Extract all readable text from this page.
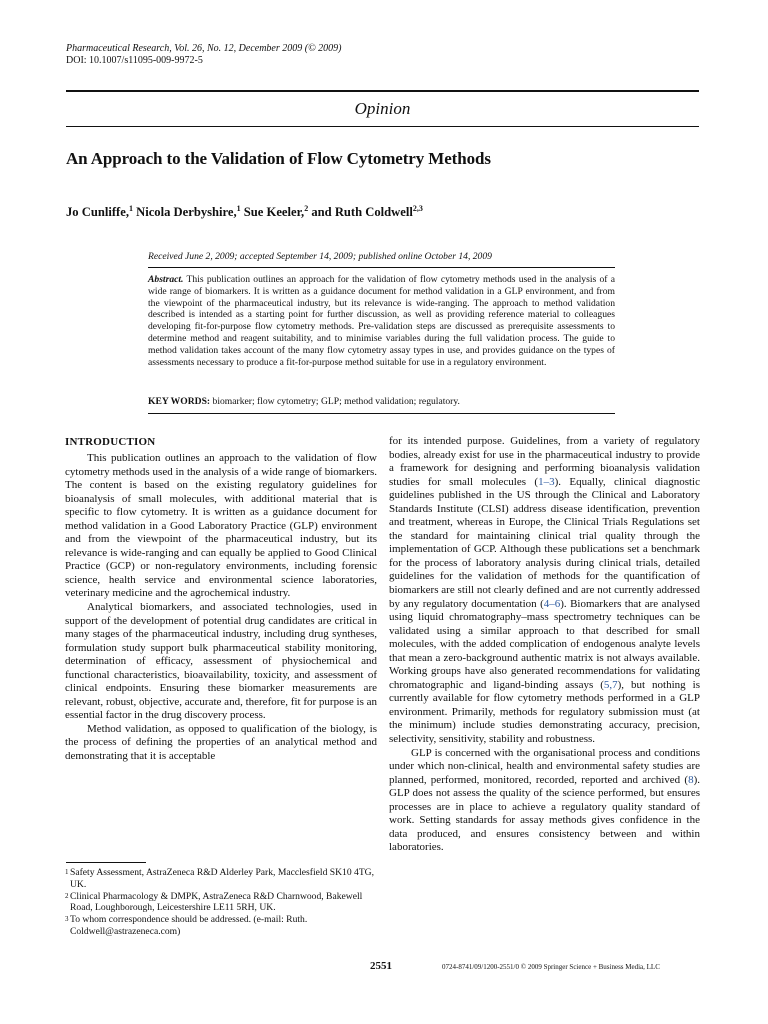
Pharmaceutical Research, Vol. 26, No. 12, December 2009 (© 2009)
DOI: 10.1007/s11095-009-9972-5
Opinion
An Approach to the Validation of Flow Cytometry Methods
Jo Cunliffe,$^1$ Nicola Derbyshire,$^1$ Sue Keeler,$^2$ and Ruth Coldwell$^{2,3}$
Received June 2, 2009; accepted September 14, 2009; published online October 14, 2009
Abstract. This publication outlines an approach for the validation of flow cytometry methods used in the analysis of a wide range of biomarkers. It is written as a guidance document for method validation in a GLP environment, and from the viewpoint of the pharmaceutical industry, but its relevance is wide-ranging. The approach to method validation described is intended as a starting point for further discussion, as well as providing reference material to colleagues developing fit-for-purpose flow cytometry methods. Pre-validation steps are discussed as prerequisite assessments to determine method and reagent suitability, and to minimise variables during the full validation process. The guide to method validation takes account of the many flow cytometry assay types in use, and provides guidance on the types of assessments necessary to produce a fit-for-purpose method suitable for use in a regulatory environment.
KEY WORDS: biomarker; flow cytometry; GLP; method validation; regulatory.
INTRODUCTION

This publication outlines an approach to the validation of flow cytometry methods used in the analysis of a wide range of biomarkers. The content is based on the existing regulatory guidelines for bioanalysis of small molecules, with additional material that is specific to flow cytometry. It is written as a guidance document for method validation in a Good Laboratory Practice (GLP) environment and from the viewpoint of the pharmaceutical industry, but its relevance is wide-ranging and can equally be applied to Good Clinical Practice (GCP) or non-regulatory environments, including forensic science, health service and environmental science laboratories, veterinary medicine and the agrochemical industry.

Analytical biomarkers, and associated technologies, used in support of the development of potential drug candidates are critical in many stages of the pharmaceutical industry, including drug syntheses, formulation study support bulk pharmaceutical stability monitoring, determination of efficacy, assessment of physiochemical and functional characteristics, bioavailability, toxicity, and assessment of clinical endpoints. Ensuring these biomarker measurements are relevant, robust, objective, accurate and, therefore, fit for purpose is an essential factor in the drug discovery process.

Method validation, as opposed to qualification of the biology, is the process of defining the properties of an analytical method and demonstrating that it is acceptable

for its intended purpose. Guidelines, from a variety of regulatory bodies, already exist for use in the pharmaceutical industry to provide a framework for designing and performing bioanalysis validation studies for small molecules (1–3). Equally, clinical diagnostic guidelines published in the US through the Clinical and Laboratory Standards Institute (CLSI) address disease identification, prevention and treatment, whereas in Europe, the Clinical Trials Regulations set the standard for maintaining clinical trial quality through the implementation of GCP. Although these publications set a benchmark for the process of laboratory analysis during clinical trials, detailed guidelines for the validation of methods for the quantification of biomarkers are still not clearly defined and are not currently addressed by any regulatory documentation (4–6). Biomarkers that are analysed using liquid chromatography–mass spectrometry techniques can be validated using a similar approach to that described for small molecules, with the added complication of endogenous analyte levels that mean a zero-background authentic matrix is not always available. Working groups have also generated recommendations for validating chromatographic and ligand-binding assays (5,7), but nothing is currently available for flow cytometry methods performed in a GLP environment. Primarily, methods for regulatory submission must (at the minimum) include studies demonstrating accuracy, precision, selectivity, sensitivity, stability and robustness.

GLP is concerned with the organisational process and conditions under which non-clinical, health and environmental safety studies are planned, performed, monitored, recorded, reported and archived (8). GLP does not assess the quality of the science performed, but ensures processes are in place to achieve a regulatory quality standard of work. Setting standards for assay methods gives confidence in the data produced, and ensures consistency between and within laboratories.

1 Safety Assessment, AstraZeneca R&D Alderley Park, Macclesfield SK10 4TG, UK.
2 Clinical Pharmacology & DMPK, AstraZeneca R&D Charnwood, Bakewell Road, Loughborough, Leicestershire LE11 5RH, UK.
3 To whom correspondence should be addressed. (e-mail: Ruth. Coldwell@astrazeneca.com)
2551	0724-8741/09/1200-2551/0 © 2009 Springer Science + Business Media, LLC
